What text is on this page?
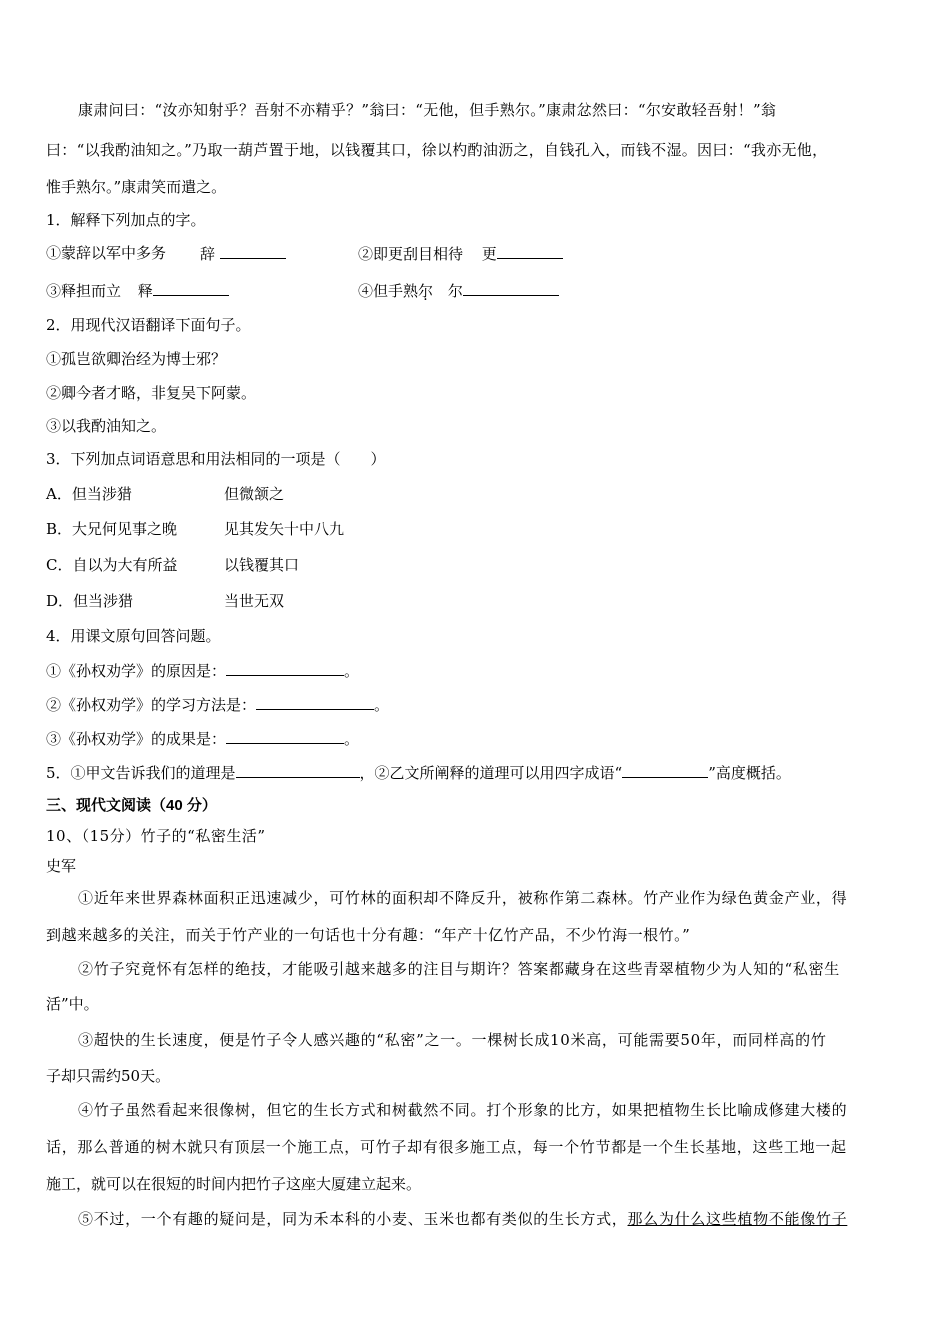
康肃问曰：“汝亦知射乎？吾射不亦精乎？”翁曰：“无他，但手熟尔。”康肃忿然曰：“尔安敢轻吾射！”翁
曰：“以我酌油知之。”乃取一葫芦置于地，以钱覆其口，徐以杓酌油沥之，自钱孔入，而钱不湿。因曰：“我亦无他，
惟手熟尔。”康肃笑而遣之。
1．解释下列加点的字。
①蒙辞以军中多务 辞	②即更刮目相待 更
③释担而立 释	④但手熟尔 尔
2．用现代汉语翻译下面句子。
①孤岂欲卿治经为博士邪？
②卿今者才略，非复吴下阿蒙。
③以我酌油知之。
3．下列加点词语意思和用法相同的一项是（　　）
A．但当涉猎	但微颔之
B．大兄何见事之晚	见其发矢十中八九
C．自以为大有所益	以钱覆其口
D．但当涉猎	当世无双
4．用课文原句回答问题。
①《孙权劝学》的原因是：	。
②《孙权劝学》的学习方法是：	。
③《孙权劝学》的成果是：	。
5．①甲文告诉我们的道理是	，②乙文所阐释的道理可以用四字成语“	”高度概括。
三、现代文阅读（40 分）
10、（15分）竹子的“私密生活”
史军
①近年来世界森林面积正迅速减少，可竹林的面积却不降反升，被称作第二森林。竹产业作为绿色黄金产业，得
到越来越多的关注，而关于竹产业的一句话也十分有趣：“年产十亿竹产品，不少竹海一根竹。”
②竹子究竟怀有怎样的绝技，才能吸引越来越多的注目与期许？答案都藏身在这些青翠植物少为人知的“私密生
活”中。
③超快的生长速度，便是竹子令人感兴趣的“私密”之一。一棵树长成10米高，可能需要50年，而同样高的竹
子却只需约50天。
④竹子虽然看起来很像树，但它的生长方式和树截然不同。打个形象的比方，如果把植物生长比喻成修建大楼的
话，那么普通的树木就只有顶层一个施工点，可竹子却有很多施工点，每一个竹节都是一个生长基地，这些工地一起
施工，就可以在很短的时间内把竹子这座大厦建立起来。
⑤不过，一个有趣的疑问是，同为禾本科的小麦、玉米也都有类似的生长方式，那么为什么这些植物不能像竹子
